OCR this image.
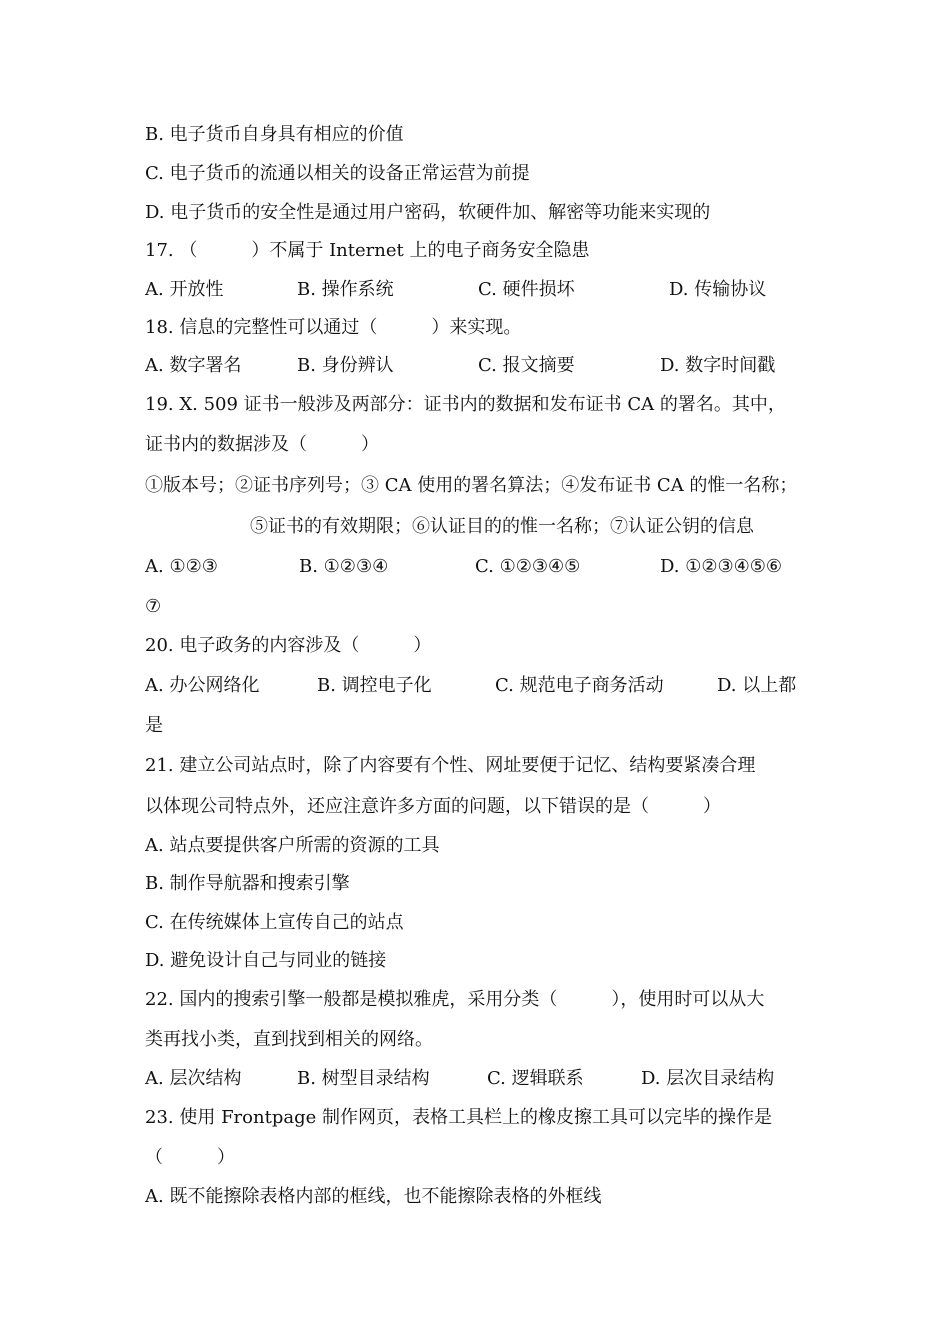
B. 电子货币自身具有相应的价值

C. 电子货币的流通以相关的设备正常运营为前提

D. 电子货币的安全性是通过用户密码，软硬件加、解密等功能来实现的

17. （　　　）不属于 Internet 上的电子商务安全隐患

A. 开放性

	B. 操作系统

	C. 硬件损坏

	D. 传输协议

18. 信息的完整性可以通过（　　　）来实现。

A. 数字署名

	B. 身份辨认

	C. 报文摘要

	D. 数字时间戳

19. X. 509 证书一般涉及两部分：证书内的数据和发布证书 CA 的署名。其中，

证书内的数据涉及（　　　）

①版本号；②证书序列号；③ CA 使用的署名算法；④发布证书 CA 的惟一名称；

⑤证书的有效期限；⑥认证目的的惟一名称；⑦认证公钥的信息

A. ①②③

	B. ①②③④

	C. ①②③④⑤

	D. ①②③④⑤⑥

⑦

20. 电子政务的内容涉及（　　　）

A. 办公网络化

	B. 调控电子化

	C. 规范电子商务活动

	D. 以上都

是

21. 建立公司站点时，除了内容要有个性、网址要便于记忆、结构要紧凑合理

以体现公司特点外，还应注意许多方面的问题，以下错误的是（　　　）

A. 站点要提供客户所需的资源的工具

B. 制作导航器和搜索引擎

C. 在传统媒体上宣传自己的站点

D. 避免设计自己与同业的链接

22. 国内的搜索引擎一般都是模拟雅虎，采用分类（　　　），使用时可以从大

类再找小类，直到找到相关的网络。

A. 层次结构

	B. 树型目录结构

	C. 逻辑联系

	D. 层次目录结构

23. 使用 Frontpage 制作网页，表格工具栏上的橡皮擦工具可以完毕的操作是

（　　　）

A. 既不能擦除表格内部的框线，也不能擦除表格的外框线
